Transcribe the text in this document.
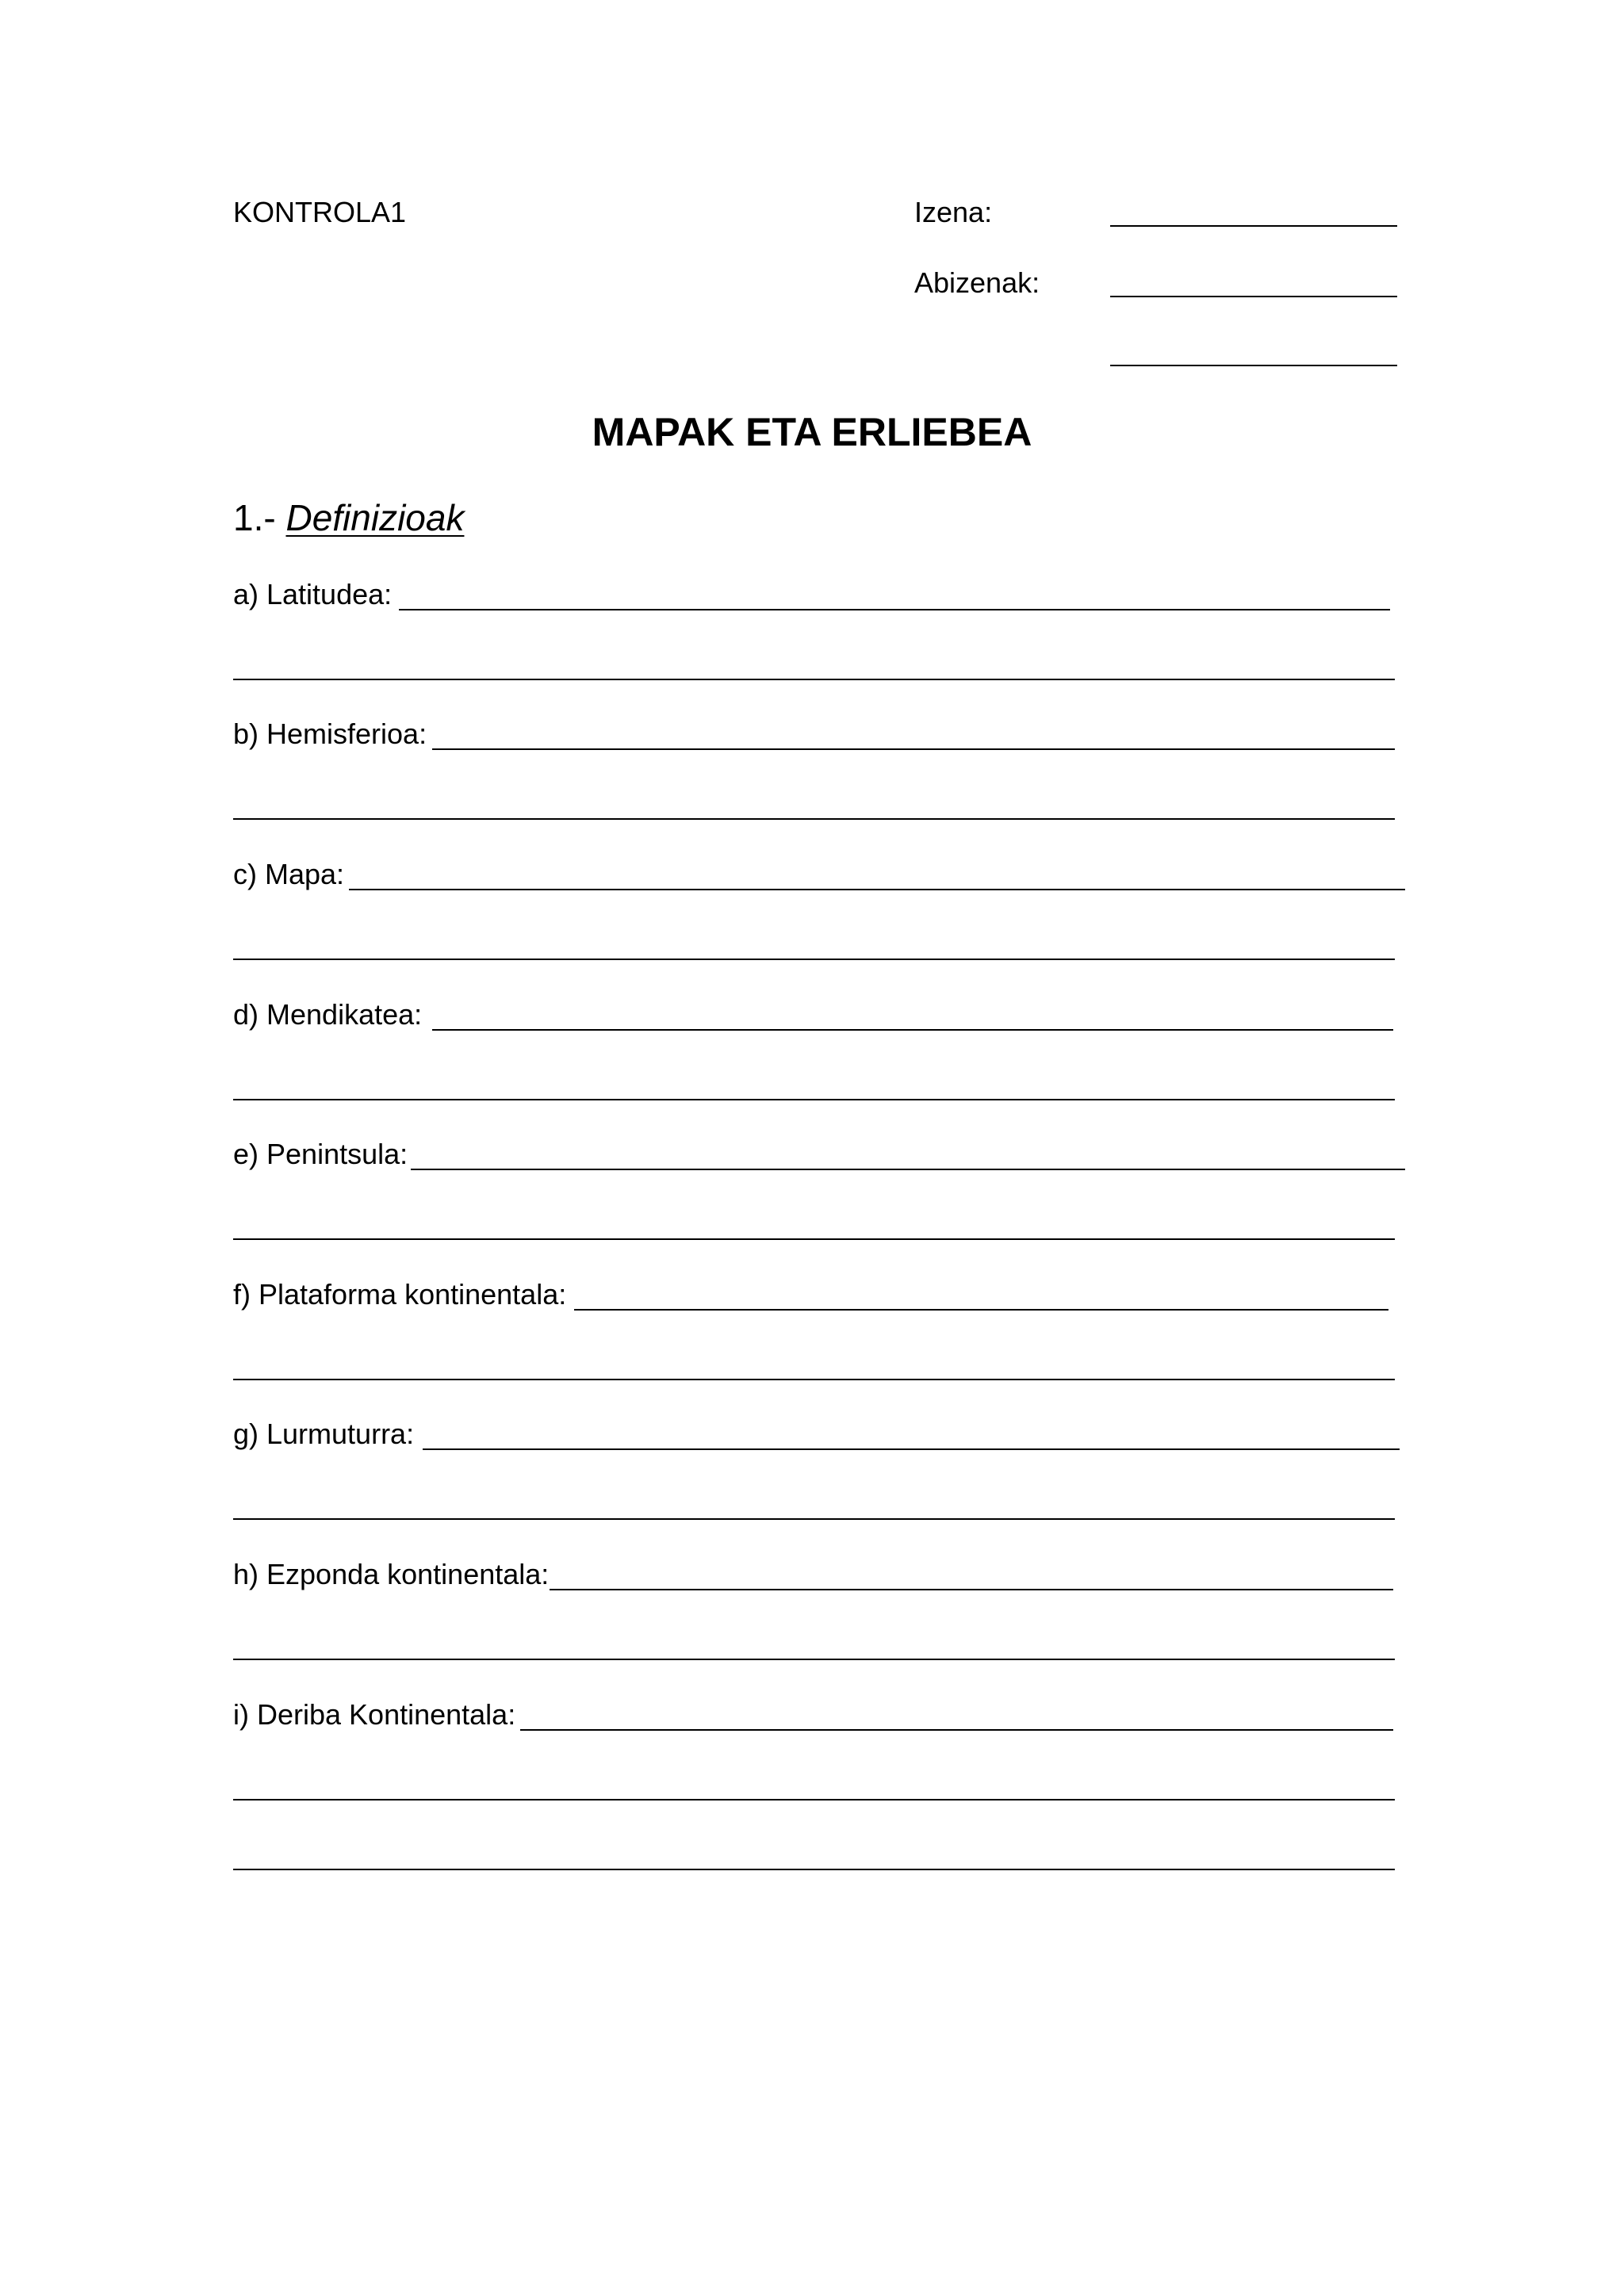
KONTROLA1	Izena:
Abizenak:
MAPAK ETA ERLIEBEA
1.- Definizioak
a) Latitudea:
b) Hemisferioa:
c) Mapa:
d) Mendikatea:
e) Penintsula:
f) Plataforma kontinentala:
g) Lurmuturra:
h) Ezponda kontinentala:
i) Deriba Kontinentala:
